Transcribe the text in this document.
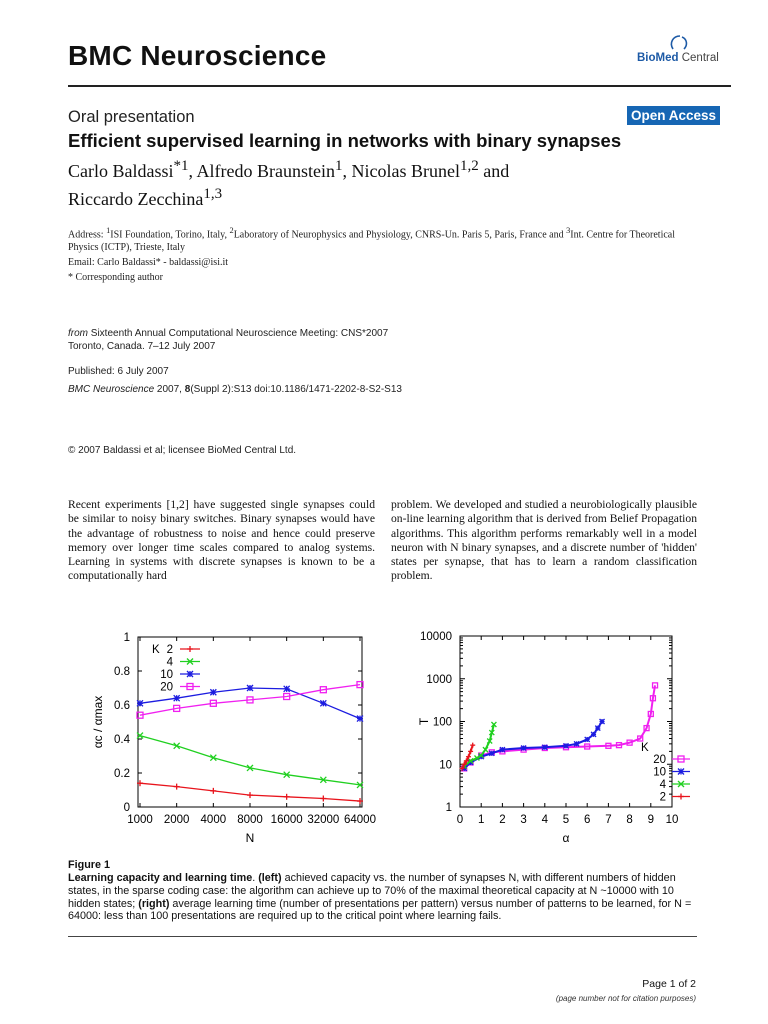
BMC Neuroscience	BioMed Central
Oral presentation	Open Access
Efficient supervised learning in networks with binary synapses
Carlo Baldassi$^{*1}$, Alfredo Braunstein$^1$, Nicolas Brunel$^{1,2}$ and
Riccardo Zecchina$^{1,3}$
Address: $^1$ISI Foundation, Torino, Italy, $^2$Laboratory of Neurophysics and Physiology, CNRS-Un. Paris 5, Paris, France and $^3$Int. Centre for Theoretical Physics (ICTP), Trieste, Italy
Email: Carlo Baldassi* - baldassi@isi.it
* Corresponding author
from Sixteenth Annual Computational Neuroscience Meeting: CNS*2007
Toronto, Canada. 7–12 July 2007
Published: 6 July 2007
BMC Neuroscience 2007, 8(Suppl 2):S13 doi:10.1186/1471-2202-8-S2-S13
© 2007 Baldassi et al; licensee BioMed Central Ltd.
Recent experiments [1,2] have suggested single synapses could be similar to noisy binary switches. Binary synapses would have the advantage of robustness to noise and hence could preserve memory over longer time scales compared to analog systems. Learning in systems with discrete synapses is known to be a computationally hard
problem. We developed and studied a neurobiologically plausible on-line learning algorithm that is derived from Belief Propagation algorithms. This algorithm performs remarkably well in a model neuron with N binary synapses, and a discrete number of 'hidden' states per synapse, that has to learn a random classification problem.
0
0.2
0.4
0.6
0.8
1
1000 2000 4000 8000 16000 32000 64000
N
αc / αmax
K 2
4
10
20
1
10
100
1000
10000
0 1 2 3 4 5 6 7 8 9 10
α
T
K
20
10
4
2
Figure 1
Learning capacity and learning time. (left) achieved capacity vs. the number of synapses N, with different numbers of hidden states, in the sparse coding case: the algorithm can achieve up to 70% of the maximal theoretical capacity at N ~10000 with 10 hidden states; (right) average learning time (number of presentations per pattern) versus number of patterns to be learned, for N = 64000: less than 100 presentations are required up to the critical point where learning fails.
Page 1 of 2
(page number not for citation purposes)
